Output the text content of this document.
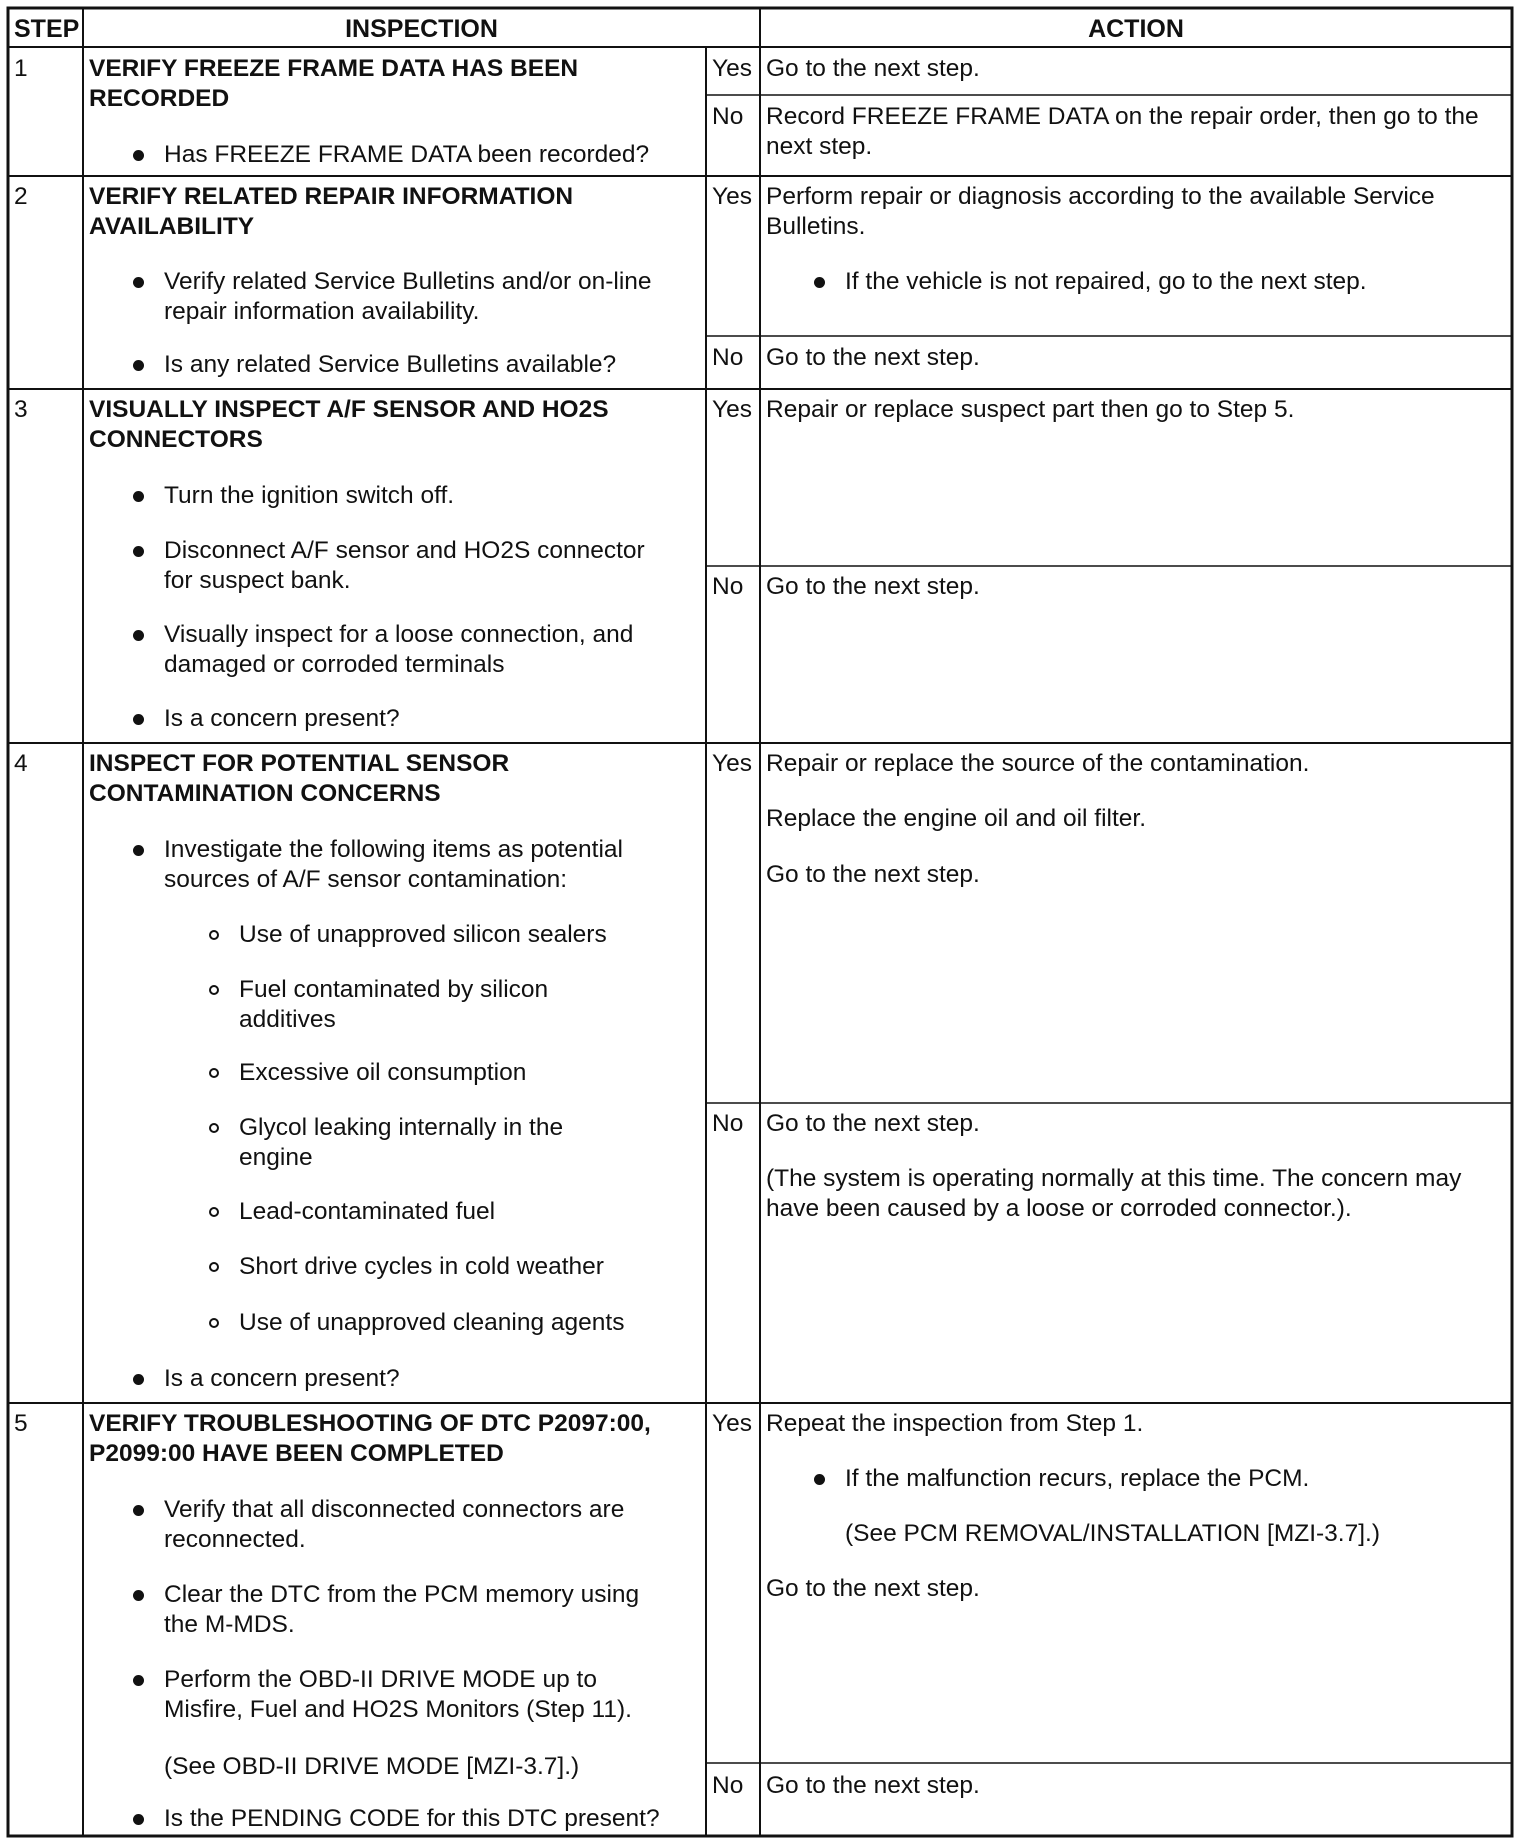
STEP	INSPECTION	ACTION
1	VERIFY FREEZE FRAME DATA HAS BEEN
RECORDED
Has FREEZE FRAME DATA been recorded?
Yes Go to the next step.
No Record FREEZE FRAME DATA on the repair order, then go to the
next step.
2	VERIFY RELATED REPAIR INFORMATION
AVAILABILITY
Verify related Service Bulletins and/or on-line
repair information availability.
Is any related Service Bulletins available?
Yes Perform repair or diagnosis according to the available Service
Bulletins.
If the vehicle is not repaired, go to the next step.
No Go to the next step.
3	VISUALLY INSPECT A/F SENSOR AND HO2S
CONNECTORS
Turn the ignition switch off.
Disconnect A/F sensor and HO2S connector
for suspect bank.
Visually inspect for a loose connection, and
damaged or corroded terminals
Is a concern present?
Yes Repair or replace suspect part then go to Step 5.
No Go to the next step.
4	INSPECT FOR POTENTIAL SENSOR
CONTAMINATION CONCERNS
Investigate the following items as potential
sources of A/F sensor contamination:
Use of unapproved silicon sealers
Fuel contaminated by silicon
additives
Excessive oil consumption
Glycol leaking internally in the
engine
Lead-contaminated fuel
Short drive cycles in cold weather
Use of unapproved cleaning agents
Is a concern present?
Yes Repair or replace the source of the contamination.
Replace the engine oil and oil filter.
Go to the next step.
No Go to the next step.
(The system is operating normally at this time. The concern may
have been caused by a loose or corroded connector.).
5	VERIFY TROUBLESHOOTING OF DTC P2097:00,
P2099:00 HAVE BEEN COMPLETED
Verify that all disconnected connectors are
reconnected.
Clear the DTC from the PCM memory using
the M-MDS.
Perform the OBD-II DRIVE MODE up to
Misfire, Fuel and HO2S Monitors (Step 11).
(See OBD-II DRIVE MODE [MZI-3.7].)
Is the PENDING CODE for this DTC present?
Yes Repeat the inspection from Step 1.
If the malfunction recurs, replace the PCM.
(See PCM REMOVAL/INSTALLATION [MZI-3.7].)
Go to the next step.
No Go to the next step.
